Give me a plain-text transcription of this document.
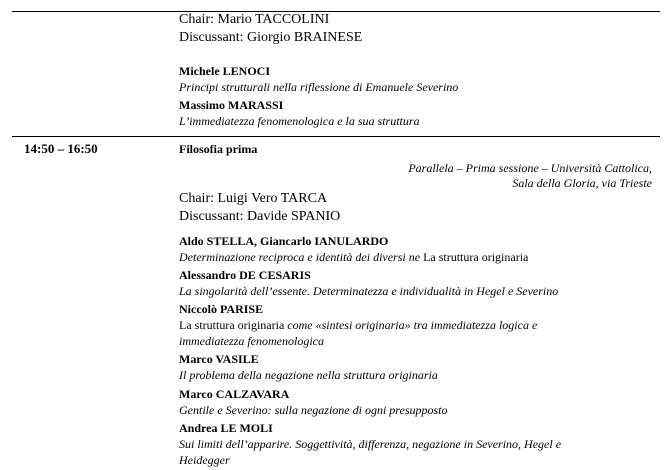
Chair: Mario TACCOLINI
Discussant: Giorgio BRAINESE
Michele LENOCI
Principi strutturali nella riflessione di Emanuele Severino
Massimo MARASSI
L’immediatezza fenomenologica e la sua struttura
14:50 – 16:50	Filosofia prima
Parallela – Prima sessione – Università Cattolica,
Sala della Gloria, via Trieste
Chair: Luigi Vero TARCA
Discussant: Davide SPANIO
Aldo STELLA, Giancarlo IANULARDO
Determinazione reciproca e identità dei diversi ne La struttura originaria
Alessandro DE CESARIS
La singolarità dell’essente. Determinatezza e individualità in Hegel e Severino
Niccolò PARISE
La struttura originaria come «sintesi originaria» tra immediatezza logica e
immediatezza fenomenologica
Marco VASILE
Il problema della negazione nella struttura originaria
Marco CALZAVARA
Gentile e Severino: sulla negazione di ogni presupposto
Andrea LE MOLI
Sui limiti dell’apparire. Soggettività, differenza, negazione in Severino, Hegel e
Heidegger
